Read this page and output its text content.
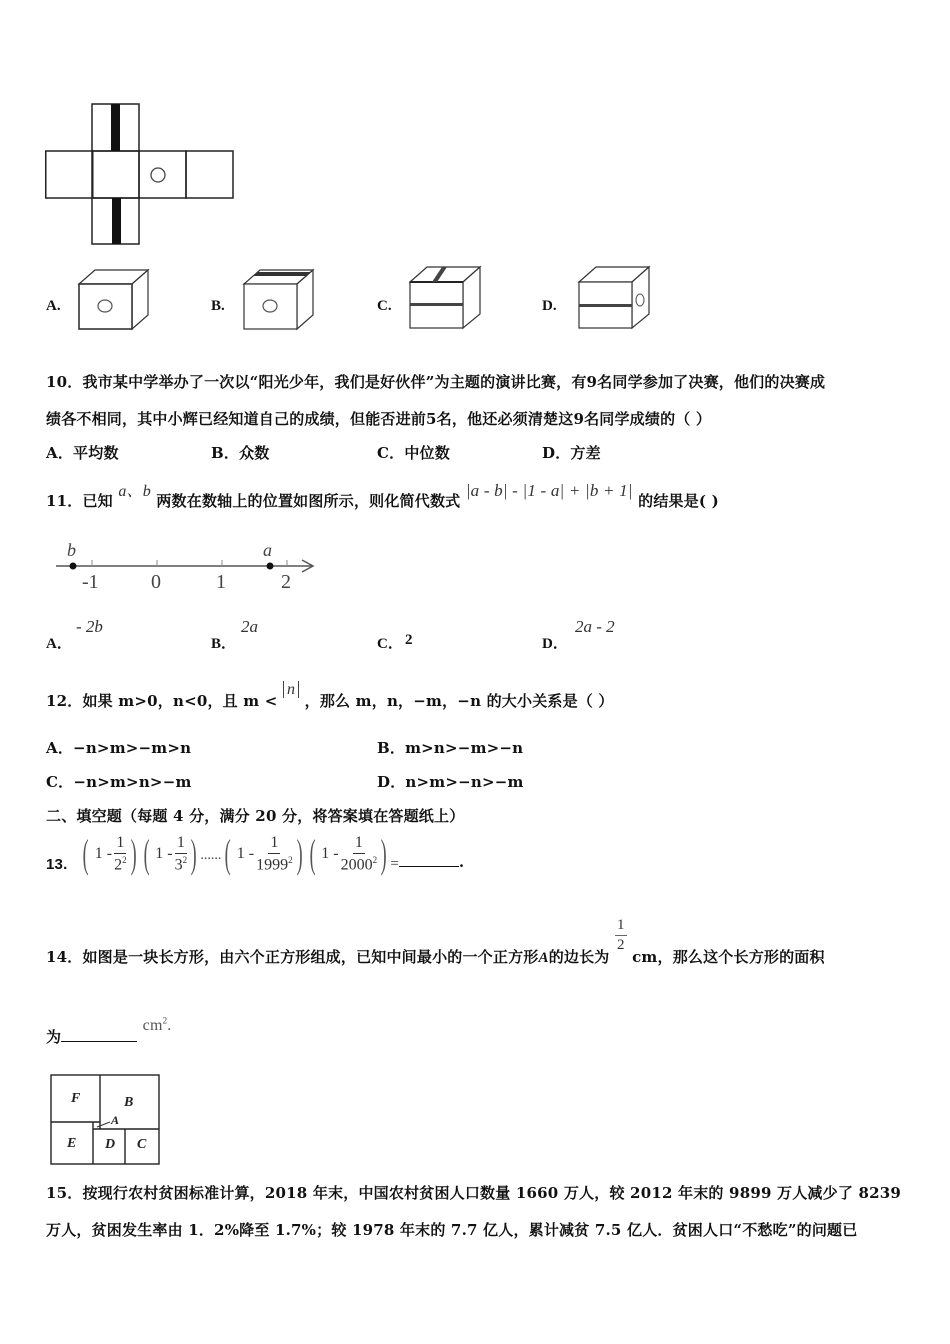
A.	B.	C.	D.
10．我市某中学举办了一次以“阳光少年，我们是好伙伴”为主题的演讲比赛，有9名同学参加了决赛，他们的决赛成
绩各不相同，其中小辉已经知道自己的成绩，但能否进前5名，他还必须清楚这9名同学成绩的（ ）
A．平均数	B．众数	C．中位数	D．方差
11．已知 a、b 两数在数轴上的位置如图所示，则化简代数式 |a - b| - |1 - a| + |b + 1| 的结果是( )
b	a
-1	0	1	2
A．
- 2b
B．
2a
C． 2	D．
2a - 2
12．如果 m>0，n<0，且 m < n ，那么 m，n，−m，−n 的大小关系是（ ）
A．−n>m>−m>n	B．m>n>−m>−n
C．−n>m>n>−m	D．n>m>−n>−m
二、填空题（每题 4 分，满分 20 分，将答案填在答题纸上）
13. ( $1 - \frac{1}{2^2}$ ) ( $1 - \frac{1}{3^2}$ ) ...... ( $1 - \frac{1}{1999^2}$ ) ( $1 - \frac{1}{2000^2}$ ) =	.
14．如图是一块长方形，由六个正方形组成，已知中间最小的一个正方形A的边长为
$\frac{1}{2}$
cm，那么这个长方形的面积
为 $cm^2$.
F	B
A
E D C
15．按现行农村贫困标准计算，2018 年末，中国农村贫困人口数量 1660 万人，较 2012 年末的 9899 万人减少了 8239
万人，贫困发生率由 1．2%降至 1.7%；较 1978 年末的 7.7 亿人，累计减贫 7.5 亿人．贫困人口“不愁吃”的问题已
